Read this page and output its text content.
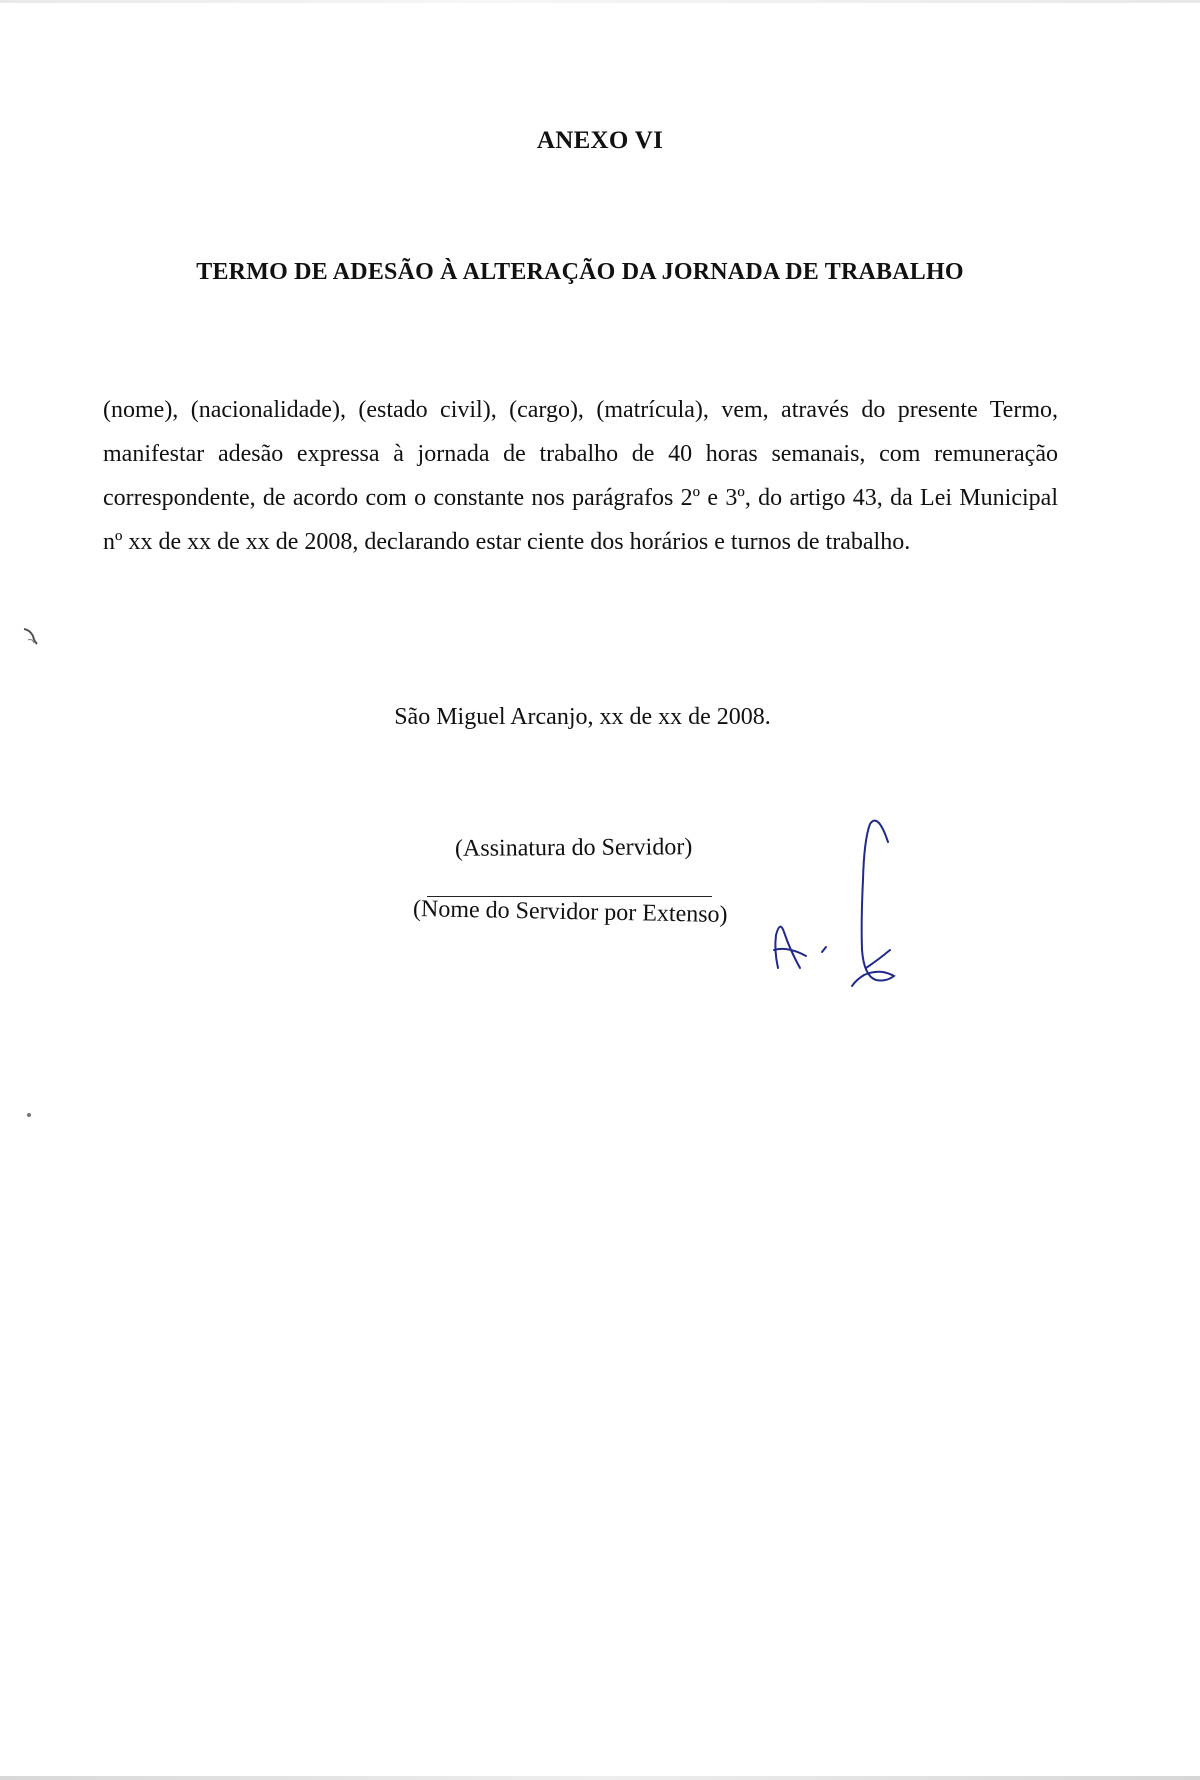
ANEXO VI
TERMO DE ADESÃO À ALTERAÇÃO DA JORNADA DE TRABALHO
(nome), (nacionalidade), (estado civil), (cargo), (matrícula), vem, através do presente Termo, manifestar adesão expressa à jornada de trabalho de 40 horas semanais, com remuneração correspondente, de acordo com o constante nos parágrafos 2º e 3º, do artigo 43, da Lei Municipal nº xx de xx de xx de 2008, declarando estar ciente dos horários e turnos de trabalho.
São Miguel Arcanjo, xx de xx de 2008.
(Assinatura do Servidor)
(Nome do Servidor por Extenso)
